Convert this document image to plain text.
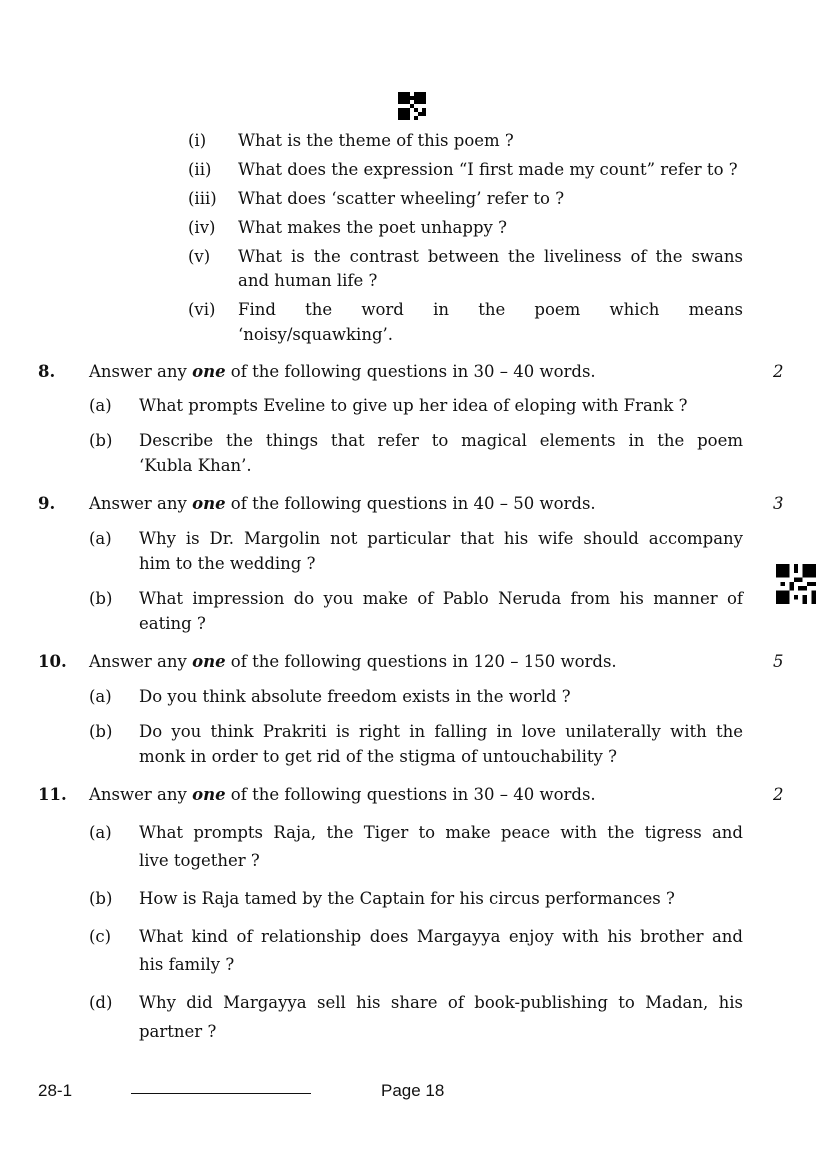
(i) What is the theme of this poem ?
(ii) What does the expression “I first made my count” refer to ?
(iii) What does ‘scatter wheeling’ refer to ?
(iv) What makes the poet unhappy ?
(v) What is the contrast between the liveliness of the swans
and human life ?
(vi) Find the word in the poem which means
‘noisy/squawking’.
8. Answer any one of the following questions in 30 – 40 words.	2
(a) What prompts Eveline to give up her idea of eloping with Frank ?
(b) Describe the things that refer to magical elements in the poem
‘Kubla Khan’.
9. Answer any one of the following questions in 40 – 50 words.	3
(a) Why is Dr. Margolin not particular that his wife should accompany
him to the wedding ?
(b) What impression do you make of Pablo Neruda from his manner of
eating ?
10. Answer any one of the following questions in 120 – 150 words.	5
(a) Do you think absolute freedom exists in the world ?
(b) Do you think Prakriti is right in falling in love unilaterally with the
monk in order to get rid of the stigma of untouchability ?
11. Answer any one of the following questions in 30 – 40 words.	2
(a) What prompts Raja, the Tiger to make peace with the tigress and
live together ?
(b) How is Raja tamed by the Captain for his circus performances ?
(c) What kind of relationship does Margayya enjoy with his brother and
his family ?
(d) Why did Margayya sell his share of book-publishing to Madan, his
partner ?
28-1	Page 18
